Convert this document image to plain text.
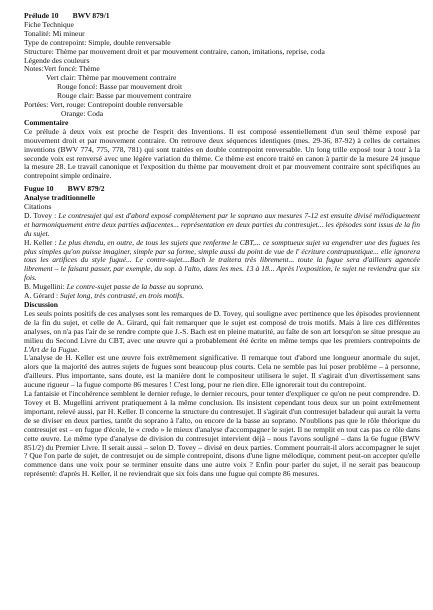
Prélude 10 BWV 879/1

Fiche Technique

Tonalité: Mi mineur

Type de contrepoint: Simple, double renversable

Structure: Thème par mouvement droit et par mouvement contraire, canon, imitations, reprise, coda

Légende des couleurs

Notes:Vert foncé: Thème

Vert clair: Thème par mouvement contraire

Rouge foncé: Basse par mouvement droit

Rouge clair: Basse par mouvement contraire

Portées: Vert, rouge: Contrepoint double renversable

Orange: Coda

Commentaire

Ce prélude à deux voix est proche de l'esprit des Inventions. Il est composé essentiellement d'un seul thème exposé par mouvement droit et par mouvement contraire. On retrouve deux séquences identiques (mes. 29-36, 87-92) à celles de certaines inventions (BWV 774, 775, 778, 781) qui sont traitées en double contrepoint renversable. Un long trille exposé tour à tour à la seconde voix est renversé avec une légère variation du thème. Ce thème est encore traité en canon à partir de la mesure 24 jusque la mesure 28. Le travail canonique et l'exposition du thème par mouvement droit et par mouvement contraire sont spécifiques au contrepoint simple ordinaire.

Fugue 10 BWV 879/2

Analyse traditionnelle

Citations

D. Tovey : Le contresujet qui est d'abord exposé complètement par le soprano aux mesures 7-12 est ensuite divisé mélodiquement et harmoniquement entre deux parties adjacentes... représentation en deux parties du contresujet... les épisodes sont issus de la fin du sujet.

H. Keller : Le plus étendu, en outre, de tous les sujets que renferme le CBT,... ce somptueux sujet va engendrer une des fugues les plus simples qu'on puisse imaginer, simple par sa forme, simple aussi du point de vue de l' écriture contrapuntique... elle ignorera tous les artifices du style fugué... Le contre-sujet....Bach le traitera très librement... toute la fugue sera d'ailleurs agencée librement – le faisant passer, par exemple, du sop. à l'alto, dans les mes. 13 à 18... Après l'exposition, le sujet ne reviendra que six fois.

B. Mugellini: Le contre-sujet passe de la basse au soprano.

A. Gérard : Sujet long, très contrasté, en trois motifs.

Discussion

Les seuls points positifs de ces analyses sont les remarques de D. Tovey, qui souligne avec pertinence que les épisodes proviennent de la fin du sujet, et celle de A. Girard, qui fait remarquer que le sujet est composé de trois motifs. Mais à lire ces différentes analyses, on n'a pas l'air de se rendre compte que J.-S. Bach est en pleine maturité, au faîte de son art lorsqu'on se situe presque au milieu du Second Livre du CBT, avec une œuvre qui a probablement été écrite en même temps que les premiers contrepoints de L'Art de la Fugue.

L'analyse de H. Keller est une œuvre fois extrêmement significative. Il remarque tout d'abord une longueur anormale du sujet, alors que la majorité des autres sujets de fugues sont beaucoup plus courts. Cela ne semble pas lui poser problème – à personne, d'ailleurs. Plus importante, sans doute, est la manière dont le compositeur utilisera le sujet. Il s'agirait d'un divertissement sans aucune rigueur – la fugue comporte 86 mesures ! C'est long, pour ne rien dire. Elle ignorerait tout du contrepoint.

La fantaisie et l'incohérence semblent le dernier refuge, le dernier recours, pour tenter d'expliquer ce qu'on ne peut comprendre. D. Tovey et B. Mugellini arrivent pratiquement à la même conclusion. Ils insistent cependant tous deux sur un point extrêmement important, relevé aussi, par H. Keller. Il concerne la structure du contresujet. Il s'agirait d'un contresujet baladeur qui aurait la vertu de se diviser en deux parties, tantôt du soprano à l'alto, ou encore de la basse au soprano. N'oublions pas que le rôle théorique du contresujet est – en fugue d'école, le « credo » le mieux d'analyse d'accompagner le sujet. Il ne remplit en tout cas pas ce rôle dans cette œuvre. Le même type d'analyse de division du contresujet intervient déjà – nous l'avons souligné – dans la 6e fugue (BWV 851/2) du Premier Livre. Il serait aussi – selon D. Tovey – divisé en deux parties. Comment pourrait-il alors accompagner le sujet ? Que l'on parle de sujet, de contresujet ou de simple contrepoint, disons d'une ligne mélodique, comment peut-on accepter qu'elle commence dans une voix pour se terminer ensuite dans une autre voix ? Enfin pour parler du sujet, il ne serait pas beaucoup représenté: d'après H. Keller, il ne reviendrait que six fois dans une fugue qui compte 86 mesures.
